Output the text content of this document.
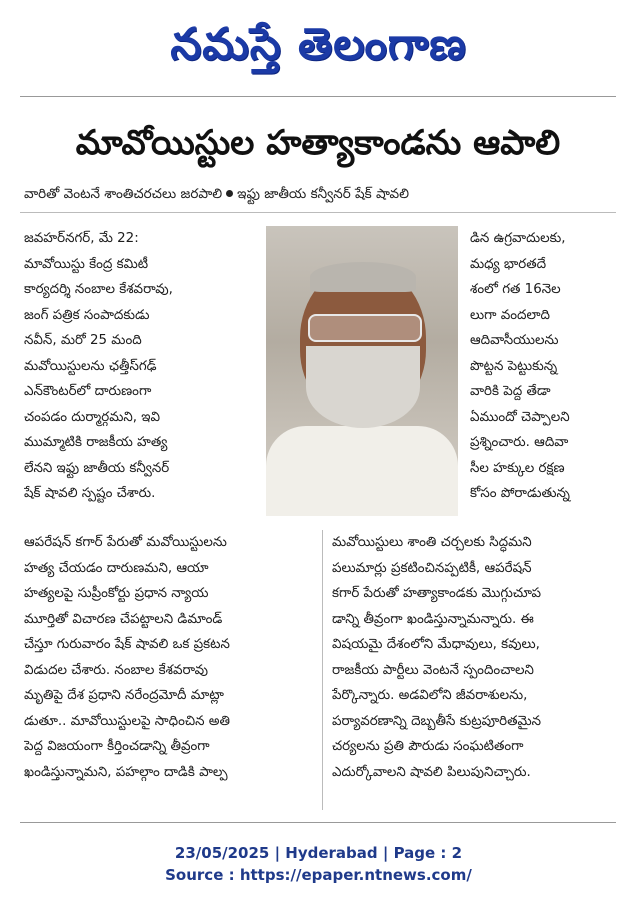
నమస్తే తెలంగాణ
మావోయిస్టుల హత్యాకాండను ఆపాలి
వారితో వెంటనే శాంతిచరచలు జరపాలి ఇఫ్టు జాతీయ కన్వీనర్ షేక్ షావలి
జవహర్‌నగర్, మే 22:
మావోయిస్టు కేంద్ర కమిటీ
కార్యదర్శి నంబాల కేశవరావు,
జంగ్ పత్రిక సంపాదకుడు
నవీన్, మరో 25 మంది
మవోయిస్టులను ఛత్తీస్‌గఢ్
ఎన్‌కౌంటర్‌లో దారుణంగా
చంపడం దుర్మార్గమని, ఇవి
ముమ్మాటికి రాజకీయ హత్య
లేనని ఇఫ్టు జాతీయ కన్వీనర్
షేక్ షావలి స్పష్టం చేశారు.
డిన ఉగ్రవాదులకు,
మధ్య భారతదే
శంలో గత 16నెల
లుగా వందలాది
ఆదివాసీయులను
పొట్టన పెట్టుకున్న
వారికి పెద్ద తేడా
ఏముందో చెప్పాలని
ప్రశ్నించారు. ఆదివా
సీల హక్కుల రక్షణ
కోసం పోరాడుతున్న
ఆపరేషన్ కగార్ పేరుతో మవోయిస్టులను
హత్య చేయడం దారుణమని, ఆయా
హత్యలపై సుప్రీంకోర్టు ప్రధాన న్యాయ
మూర్తితో విచారణ చేపట్టాలని డిమాండ్
చేస్తూ గురువారం షేక్ షావలి ఒక ప్రకటన
విడుదల చేశారు. నంబాల కేశవరావు
మృతిపై దేశ ప్రధాని నరేంద్రమోదీ మాట్లా
డుతూ.. మావోయిస్టులపై సాధించిన అతి
పెద్ద విజయంగా కీర్తించడాన్ని తీవ్రంగా
ఖండిస్తున్నామని, పహల్గాం దాడికి పాల్ప
మవోయిస్టులు శాంతి చర్చలకు సిద్ధమని
పలుమార్లు ప్రకటించినప్పటికీ, ఆపరేషన్
కగార్ పేరుతో హత్యాకాండకు మొగ్గుచూప
డాన్ని తీవ్రంగా ఖండిస్తున్నామన్నారు. ఈ
విషయమై దేశంలోని మేధావులు, కవులు,
రాజకీయ పార్టీలు వెంటనే స్పందించాలని
పేర్కొన్నారు. అడవిలోని జీవరాశులను,
పర్యావరణాన్ని దెబ్బతీసే కుట్రపూరితమైన
చర్యలను ప్రతి పౌరుడు సంఘటితంగా
ఎదుర్కోవాలని షావలి పిలుపునిచ్చారు.
23/05/2025 | Hyderabad | Page : 2
Source : https://epaper.ntnews.com/
